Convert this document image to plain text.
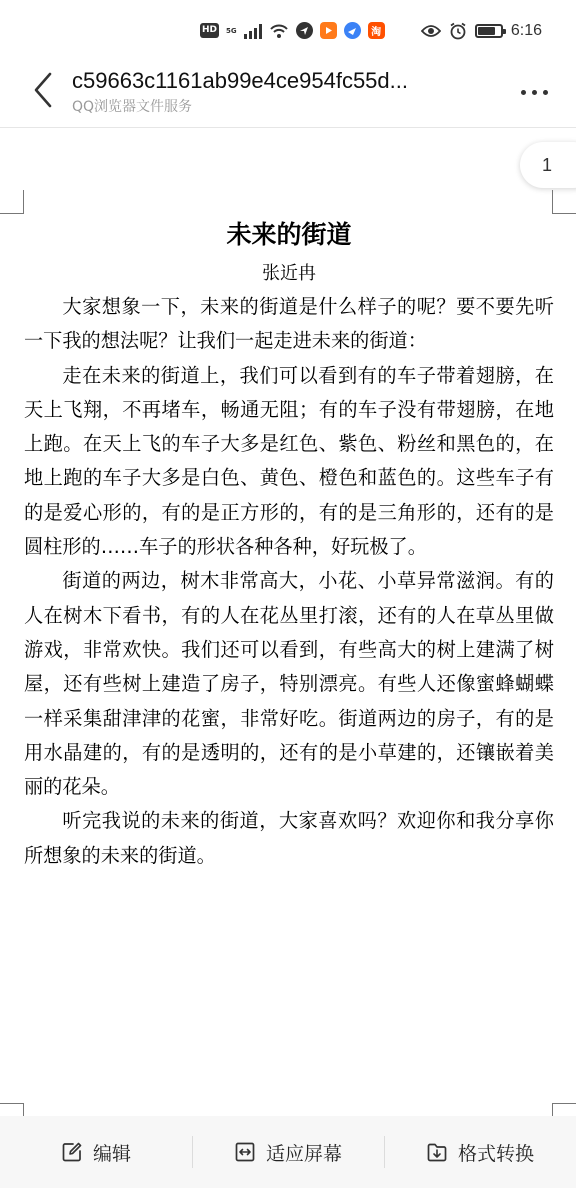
HD 5G	淘	6:16
c59663c1161ab99e4ce954fc55d...
QQ浏览器文件服务
1
未来的街道
张近冉

大家想象一下，未来的街道是什么样子的呢？要不要先听一下我的想法呢？让我们一起走进未来的街道：

走在未来的街道上，我们可以看到有的车子带着翅膀，在天上飞翔，不再堵车，畅通无阻；有的车子没有带翅膀，在地上跑。在天上飞的车子大多是红色、紫色、粉丝和黑色的，在地上跑的车子大多是白色、黄色、橙色和蓝色的。这些车子有的是爱心形的，有的是正方形的，有的是三角形的，还有的是圆柱形的……车子的形状各种各种，好玩极了。

街道的两边，树木非常高大，小花、小草异常滋润。有的人在树木下看书，有的人在花丛里打滚，还有的人在草丛里做游戏，非常欢快。我们还可以看到，有些高大的树上建满了树屋，还有些树上建造了房子，特别漂亮。有些人还像蜜蜂蝴蝶一样采集甜津津的花蜜，非常好吃。街道两边的房子，有的是用水晶建的，有的是透明的，还有的是小草建的，还镶嵌着美丽的花朵。

听完我说的未来的街道，大家喜欢吗？欢迎你和我分享你所想象的未来的街道。

编辑	适应屏幕	格式转换
